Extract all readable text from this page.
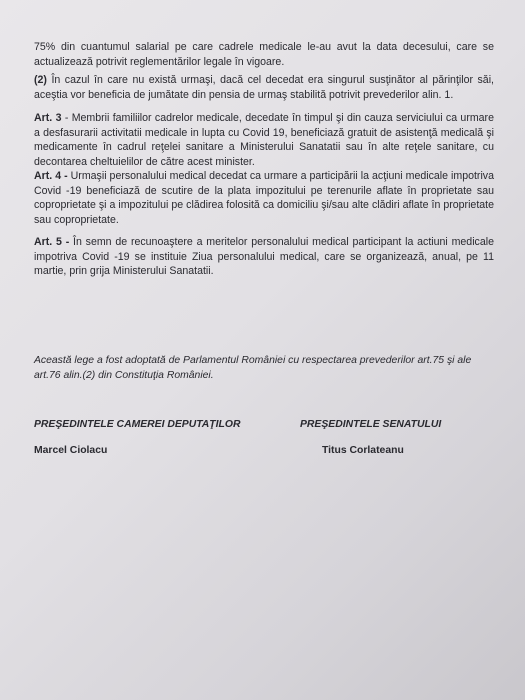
75% din cuantumul salarial pe care cadrele medicale le-au avut la data decesului, care se actualizează potrivit reglementărilor legale în vigoare.

(2) În cazul în care nu există urmaşi, dacă cel decedat era singurul susţinător al părinţilor săi, aceştia vor beneficia de jumătate din pensia de urmaş stabilită potrivit prevederilor alin. 1.

Art. 3 - Membrii familiilor cadrelor medicale, decedate în timpul şi din cauza serviciului ca urmare a desfasurarii activitatii medicale in lupta cu Covid 19, beneficiază gratuit de asistenţă medicală şi medicamente în cadrul reţelei sanitare a Ministerului Sanatatii sau în alte reţele sanitare, cu decontarea cheltuielilor de către acest minister.

Art. 4 - Urmaşii personalului medical decedat ca urmare a participării la acţiuni medicale impotriva Covid -19 beneficiază de scutire de la plata impozitului pe terenurile aflate în proprietate sau coproprietate şi a impozitului pe clădirea folosită ca domiciliu şi/sau alte clădiri aflate în proprietate sau coproprietate.

Art. 5 - În semn de recunoaştere a meritelor personalului medical participant la actiuni medicale impotriva Covid -19 se instituie Ziua personalului medical, care se organizează, anual, pe 11 martie, prin grija Ministerului Sanatatii.

Această lege a fost adoptată de Parlamentul României cu respectarea prevederilor art.75 şi ale art.76 alin.(2) din Constituţia României.

PREŞEDINTELE CAMEREI DEPUTAŢILOR	PREŞEDINTELE SENATULUI

Marcel Ciolacu	Titus Corlateanu
